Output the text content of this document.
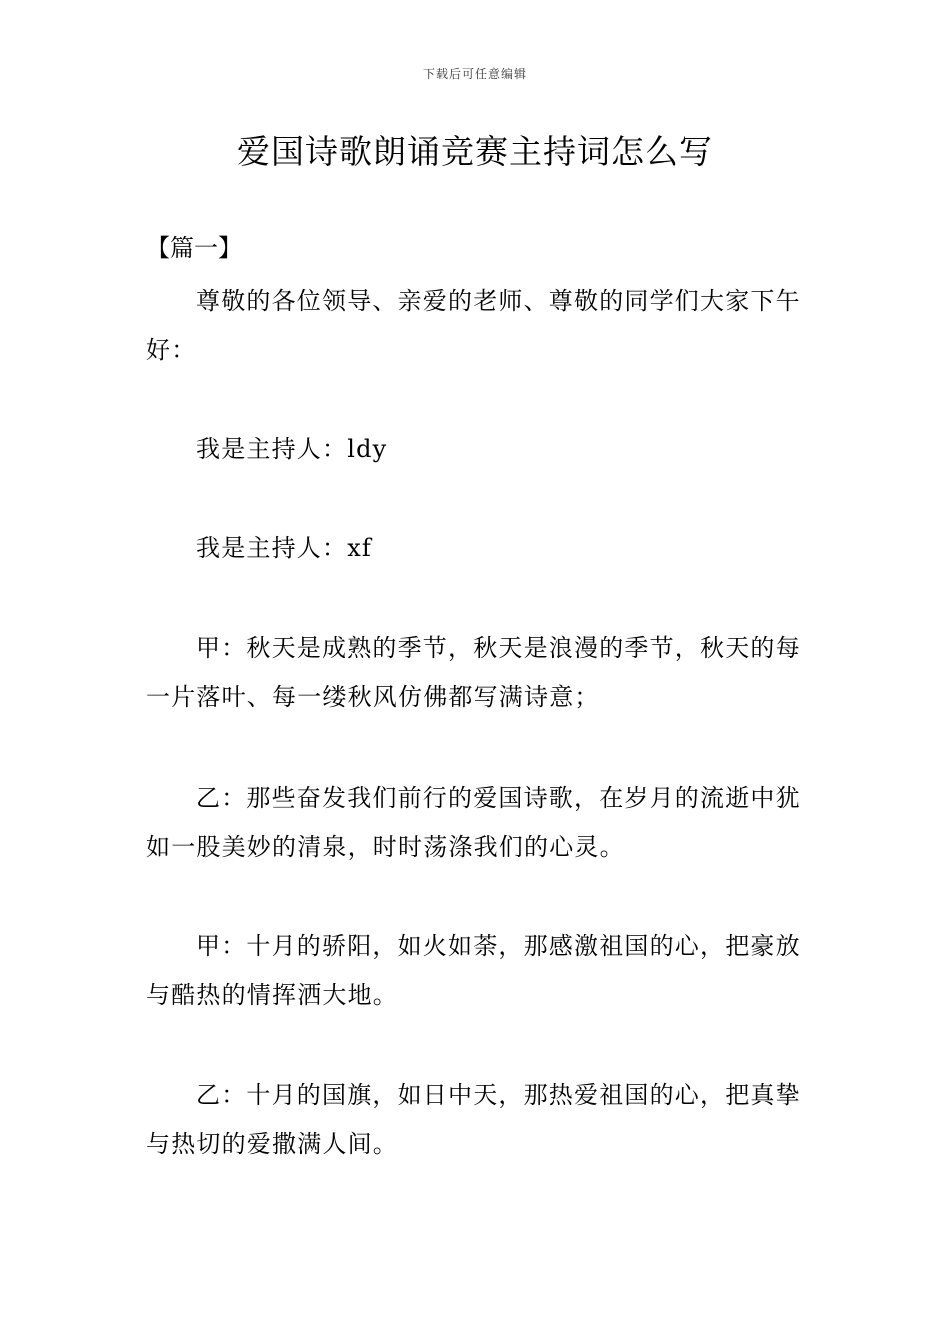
下载后可任意编辑
爱国诗歌朗诵竞赛主持词怎么写
【篇一】

尊敬的各位领导、亲爱的老师、尊敬的同学们大家下午好：

我是主持人：ldy

我是主持人：xf

甲：秋天是成熟的季节，秋天是浪漫的季节，秋天的每一片落叶、每一缕秋风仿佛都写满诗意；

乙：那些奋发我们前行的爱国诗歌，在岁月的流逝中犹如一股美妙的清泉，时时荡涤我们的心灵。

甲：十月的骄阳，如火如荼，那感激祖国的心，把豪放与酷热的情挥洒大地。

乙：十月的国旗，如日中天，那热爱祖国的心，把真挚与热切的爱撒满人间。
